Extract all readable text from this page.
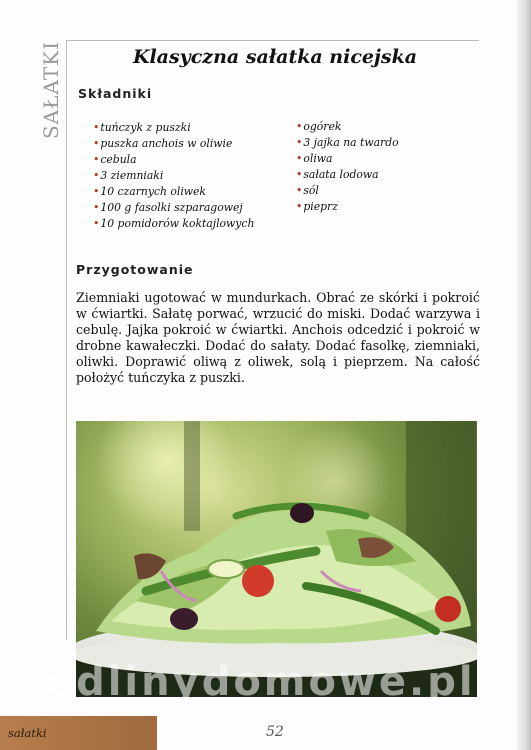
SAŁATKI	Klasyczna sałatka nicejska
Składniki
•tuńczyk z puszki
•puszka anchois w oliwie
•cebula
•3 ziemniaki
•10 czarnych oliwek
•100 g fasolki szparagowej
•10 pomidorów koktajlowych
•ogórek
•3 jajka na twardo
•oliwa
•sałata lodowa
•sól
•pieprz
Przygotowanie

Ziemniaki ugotować w mundurkach. Obrać ze skórki i pokroić w ćwiartki. Sałatę porwać, wrzucić do miski. Dodać warzywa i cebulę. Jajka pokroić w ćwiartki. Anchois odcedzić i pokroić w drobne kawałeczki. Dodać do sałaty. Dodać fasolkę, ziemniaki, oliwki. Doprawić oliwą z oliwek, solą i pieprzem. Na całość położyć tuńczyka z puszki.

wedlinydomowe.pl
sałatki	52
